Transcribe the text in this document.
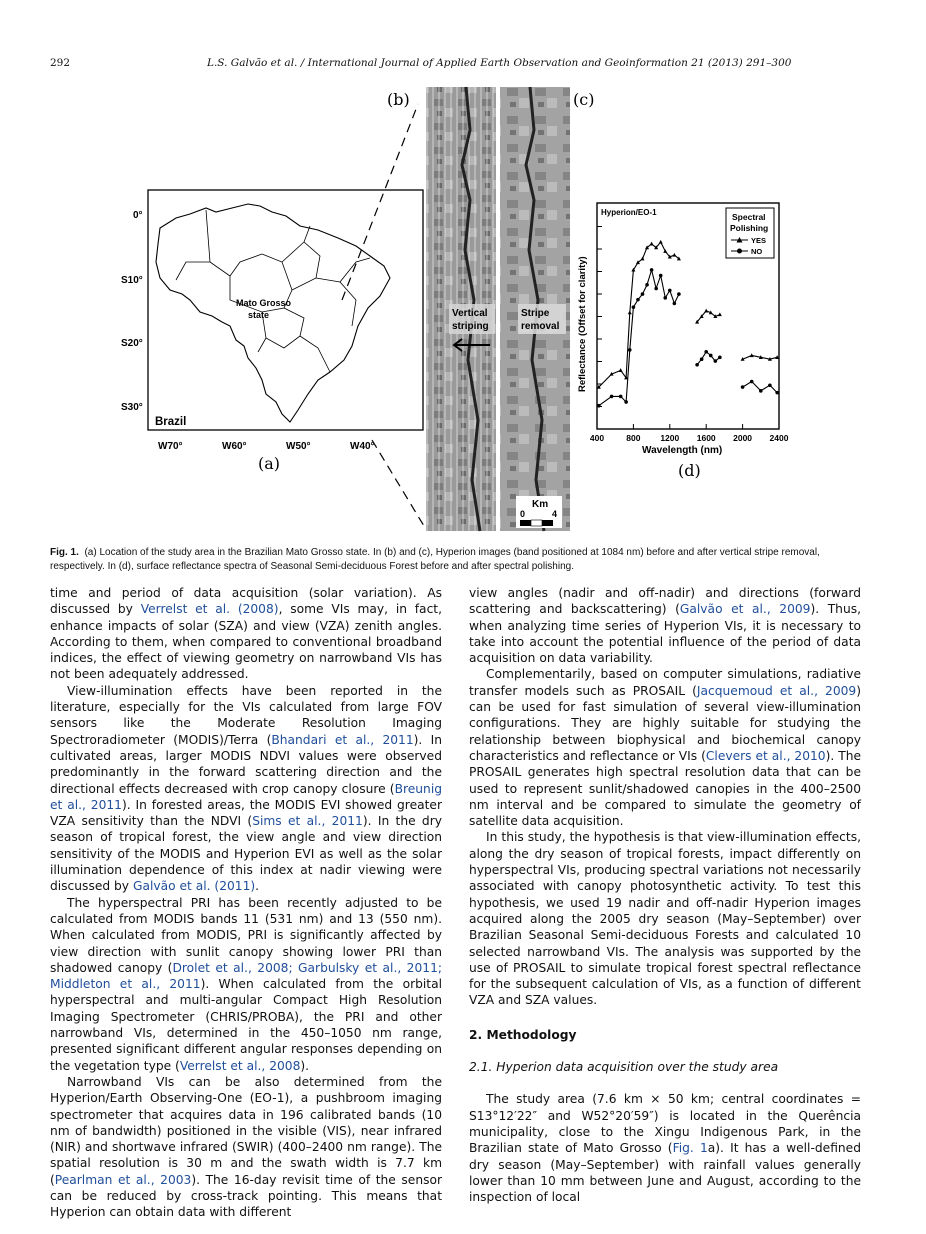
292	L.S. Galvão et al. / International Journal of Applied Earth Observation and Geoinformation 21 (2013) 291–300
0°
S10°
S20°
S30°
W70°	W60°	W50°	W40°
Brazil
Mato Grosso
state
(a)
Vertical
striping
(b)
Stripe
removal
Km
0	4
(c)
400	800 1200 1600 2000 2400
Hyperion/EO-1
Wavelength (nm)
Reflectance (Offset for clarity)
Spectral
Polishing
YES
NO
(d)
Fig. 1. (a) Location of the study area in the Brazilian Mato Grosso state. In (b) and (c), Hyperion images (band positioned at 1084 nm) before and after vertical stripe removal, respectively. In (d), surface reflectance spectra of Seasonal Semi-deciduous Forest before and after spectral polishing.

time and period of data acquisition (solar variation). As discussed by Verrelst et al. (2008), some VIs may, in fact, enhance impacts of solar (SZA) and view (VZA) zenith angles. According to them, when compared to conventional broadband indices, the effect of viewing geometry on narrowband VIs has not been adequately addressed.

View-illumination effects have been reported in the literature, especially for the VIs calculated from large FOV sensors like the Moderate Resolution Imaging Spectroradiometer (MODIS)/Terra (Bhandari et al., 2011). In cultivated areas, larger MODIS NDVI values were observed predominantly in the forward scattering direction and the directional effects decreased with crop canopy closure (Breunig et al., 2011). In forested areas, the MODIS EVI showed greater VZA sensitivity than the NDVI (Sims et al., 2011). In the dry season of tropical forest, the view angle and view direction sensitivity of the MODIS and Hyperion EVI as well as the solar illumination dependence of this index at nadir viewing were discussed by Galvão et al. (2011).

The hyperspectral PRI has been recently adjusted to be calculated from MODIS bands 11 (531 nm) and 13 (550 nm). When calculated from MODIS, PRI is significantly affected by view direction with sunlit canopy showing lower PRI than shadowed canopy (Drolet et al., 2008; Garbulsky et al., 2011; Middleton et al., 2011). When calculated from the orbital hyperspectral and multi-angular Compact High Resolution Imaging Spectrometer (CHRIS/PROBA), the PRI and other narrowband VIs, determined in the 450–1050 nm range, presented significant different angular responses depending on the vegetation type (Verrelst et al., 2008).

Narrowband VIs can be also determined from the Hyperion/Earth Observing-One (EO-1), a pushbroom imaging spectrometer that acquires data in 196 calibrated bands (10 nm of bandwidth) positioned in the visible (VIS), near infrared (NIR) and shortwave infrared (SWIR) (400–2400 nm range). The spatial resolution is 30 m and the swath width is 7.7 km (Pearlman et al., 2003). The 16-day revisit time of the sensor can be reduced by cross-track pointing. This means that Hyperion can obtain data with different

view angles (nadir and off-nadir) and directions (forward scattering and backscattering) (Galvão et al., 2009). Thus, when analyzing time series of Hyperion VIs, it is necessary to take into account the potential influence of the period of data acquisition on data variability.

Complementarily, based on computer simulations, radiative transfer models such as PROSAIL (Jacquemoud et al., 2009) can be used for fast simulation of several view-illumination configurations. They are highly suitable for studying the relationship between biophysical and biochemical canopy characteristics and reflectance or VIs (Clevers et al., 2010). The PROSAIL generates high spectral resolution data that can be used to represent sunlit/shadowed canopies in the 400–2500 nm interval and be compared to simulate the geometry of satellite data acquisition.

In this study, the hypothesis is that view-illumination effects, along the dry season of tropical forests, impact differently on hyperspectral VIs, producing spectral variations not necessarily associated with canopy photosynthetic activity. To test this hypothesis, we used 19 nadir and off-nadir Hyperion images acquired along the 2005 dry season (May–September) over Brazilian Seasonal Semi-deciduous Forests and calculated 10 selected narrowband VIs. The analysis was supported by the use of PROSAIL to simulate tropical forest spectral reflectance for the subsequent calculation of VIs, as a function of different VZA and SZA values.

2. Methodology
2.1. Hyperion data acquisition over the study area

The study area (7.6 km × 50 km; central coordinates = S13°12′22″ and W52°20′59″) is located in the Querência municipality, close to the Xingu Indigenous Park, in the Brazilian state of Mato Grosso (Fig. 1a). It has a well-defined dry season (May–September) with rainfall values generally lower than 10 mm between June and August, according to the inspection of local
